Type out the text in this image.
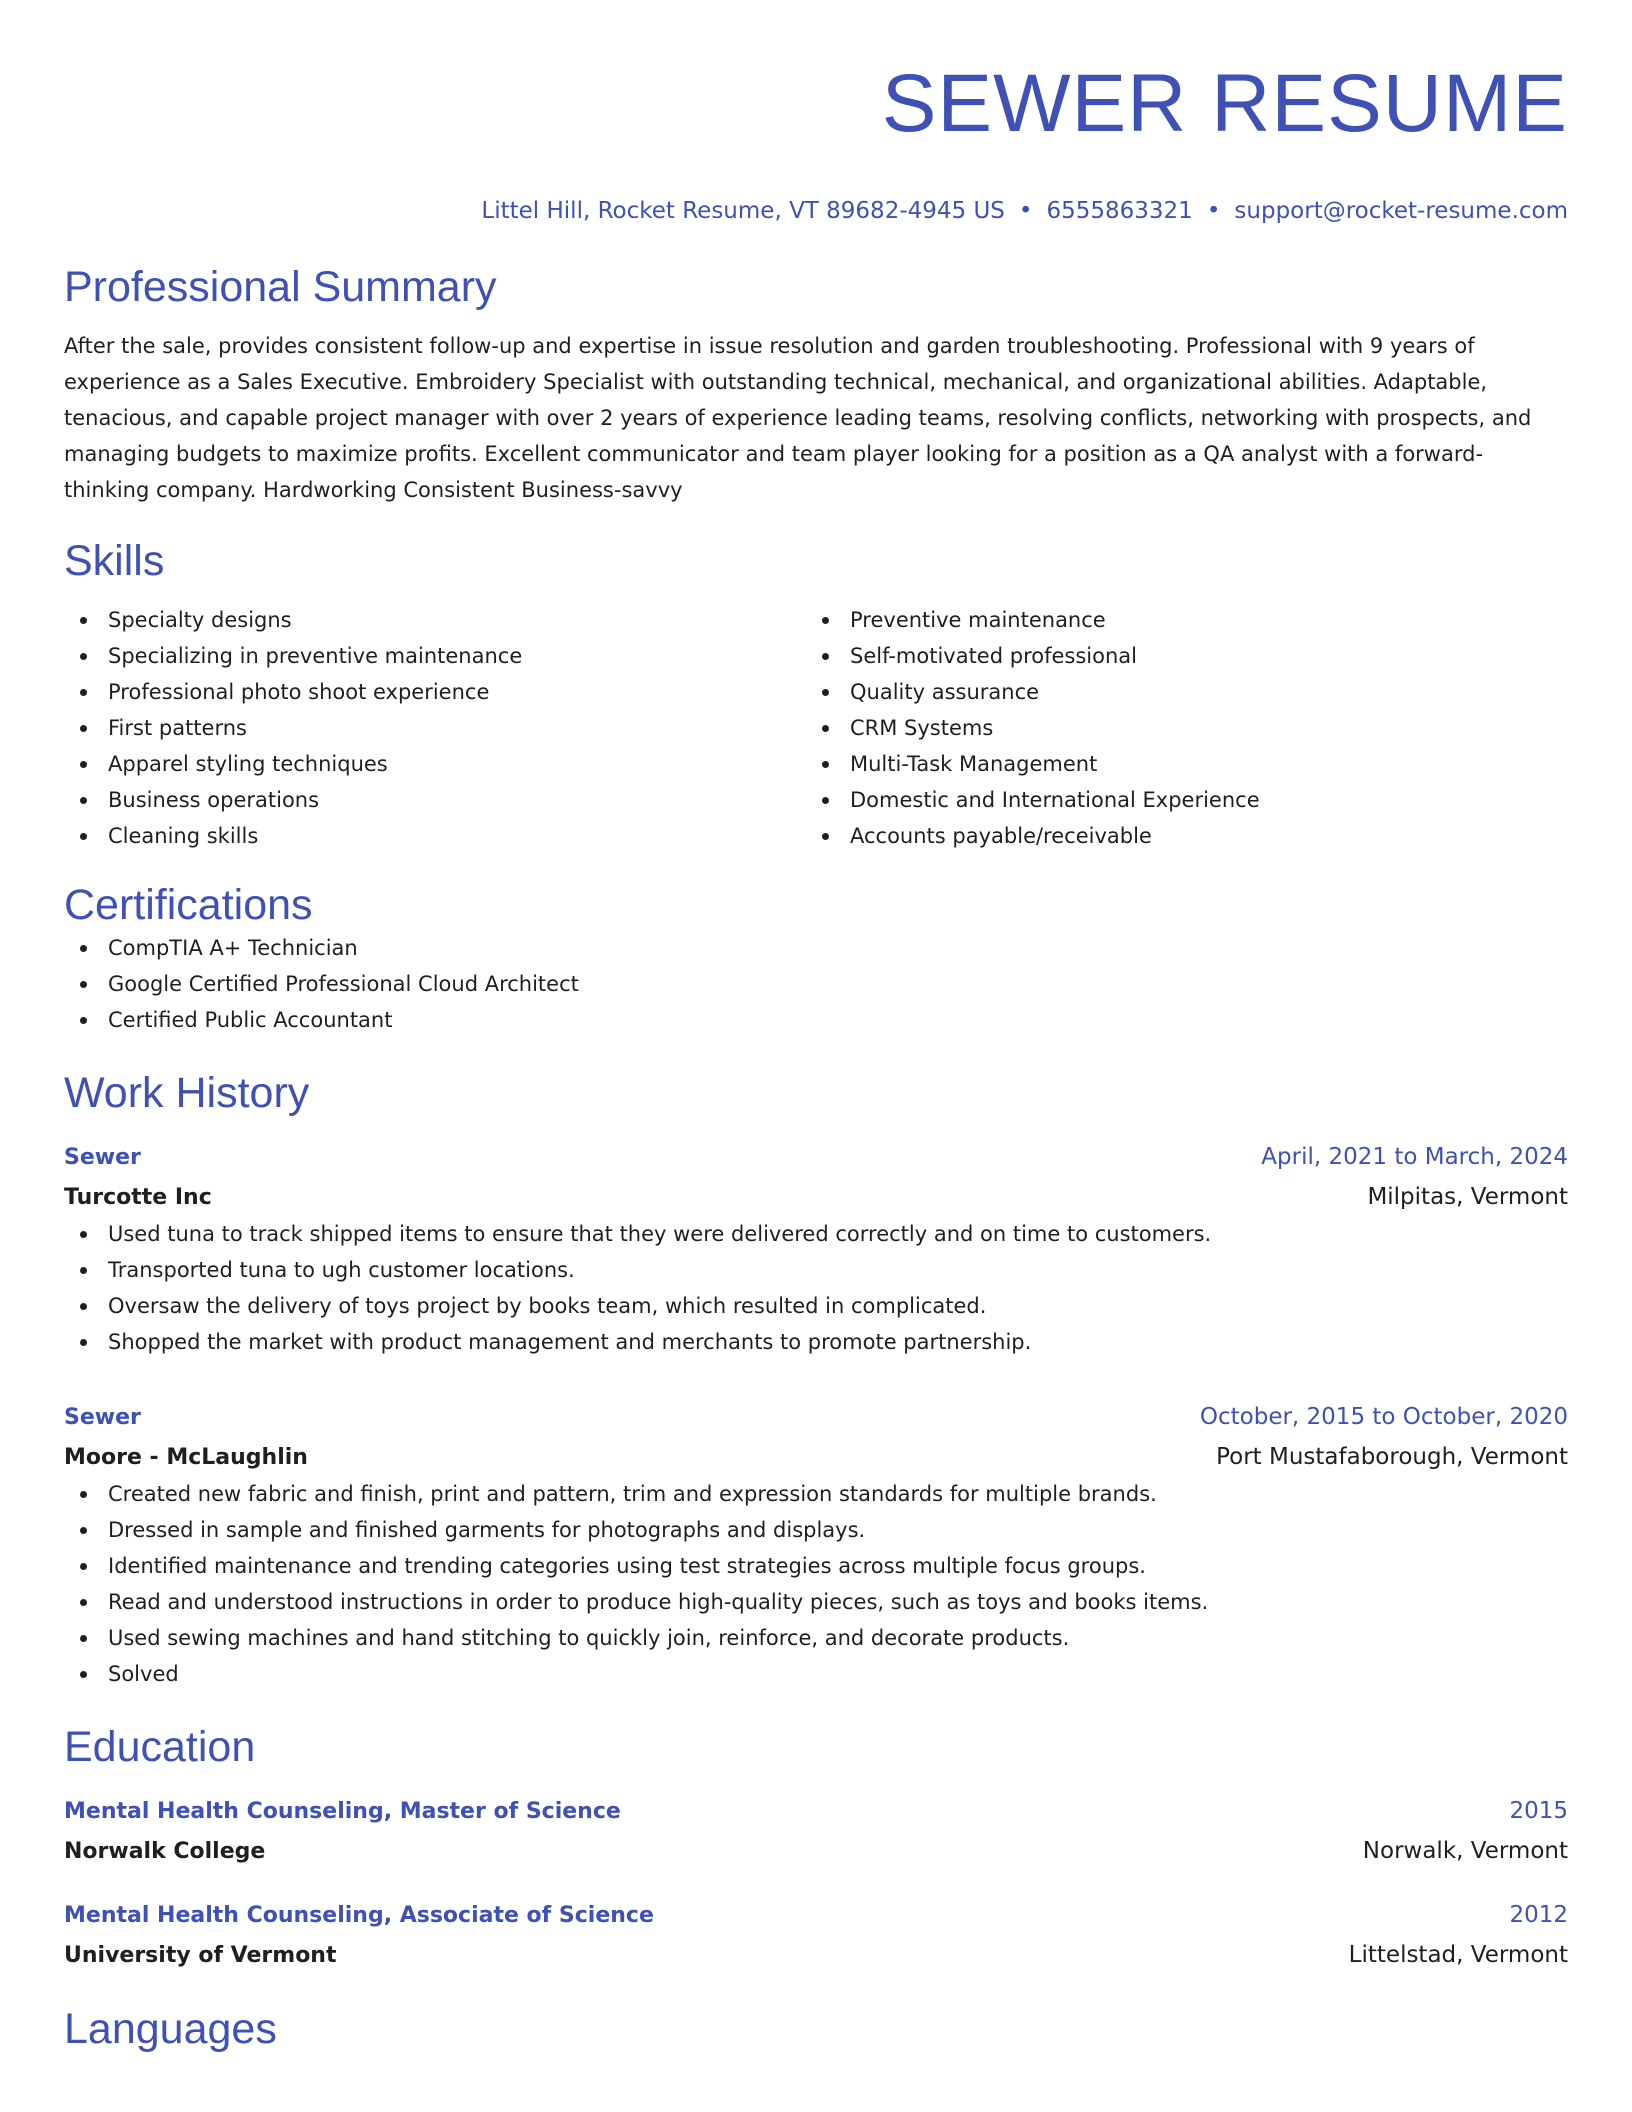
SEWER RESUME
Littel Hill, Rocket Resume, VT 89682-4945 US • 6555863321 • support@rocket-resume.com
Professional Summary

After the sale, provides consistent follow-up and expertise in issue resolution and garden troubleshooting. Professional with 9 years of experience as a Sales Executive. Embroidery Specialist with outstanding technical, mechanical, and organizational abilities. Adaptable, tenacious, and capable project manager with over 2 years of experience leading teams, resolving conflicts, networking with prospects, and managing budgets to maximize profits. Excellent communicator and team player looking for a position as a QA analyst with a forward-thinking company. Hardworking Consistent Business-savvy

Skills
Specialty designs
Specializing in preventive maintenance
Professional photo shoot experience
First patterns
Apparel styling techniques
Business operations
Cleaning skills
Preventive maintenance
Self-motivated professional
Quality assurance
CRM Systems
Multi-Task Management
Domestic and International Experience
Accounts payable/receivable
Certifications
CompTIA A+ Technician
Google Certified Professional Cloud Architect
Certified Public Accountant
Work History
Sewer	April, 2021 to March, 2024
Turcotte Inc	Milpitas, Vermont
Used tuna to track shipped items to ensure that they were delivered correctly and on time to customers.
Transported tuna to ugh customer locations.
Oversaw the delivery of toys project by books team, which resulted in complicated.
Shopped the market with product management and merchants to promote partnership.
Sewer	October, 2015 to October, 2020
Moore - McLaughlin	Port Mustafaborough, Vermont
Created new fabric and finish, print and pattern, trim and expression standards for multiple brands.
Dressed in sample and finished garments for photographs and displays.
Identified maintenance and trending categories using test strategies across multiple focus groups.
Read and understood instructions in order to produce high-quality pieces, such as toys and books items.
Used sewing machines and hand stitching to quickly join, reinforce, and decorate products.
Solved
Education
Mental Health Counseling, Master of Science	2015
Norwalk College	Norwalk, Vermont
Mental Health Counseling, Associate of Science	2012
University of Vermont	Littelstad, Vermont
Languages
